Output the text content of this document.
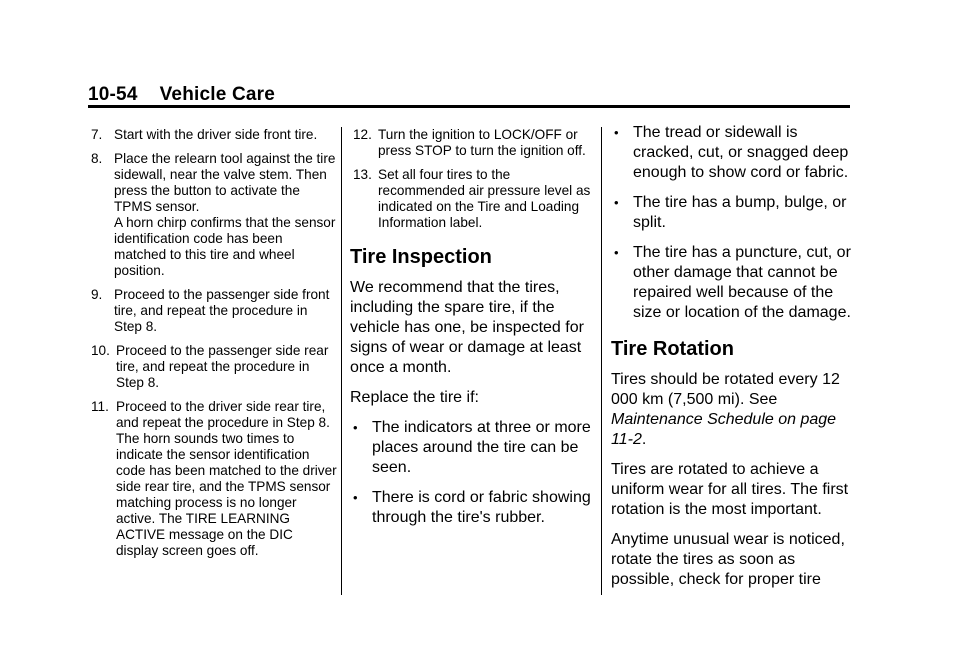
10-54 Vehicle Care
7. Start with the driver side front tire.
8. Place the relearn tool against the tire sidewall, near the valve stem. Then press the button to activate the TPMS sensor.
A horn chirp confirms that the sensor identification code has been matched to this tire and wheel position.
9. Proceed to the passenger side front tire, and repeat the procedure in Step 8.
10. Proceed to the passenger side rear tire, and repeat the procedure in Step 8.
11. Proceed to the driver side rear tire, and repeat the procedure in Step 8. The horn sounds two times to indicate the sensor identification code has been matched to the driver side rear tire, and the TPMS sensor matching process is no longer active. The TIRE LEARNING ACTIVE message on the DIC display screen goes off.
12. Turn the ignition to LOCK/OFF or press STOP to turn the ignition off.
13. Set all four tires to the recommended air pressure level as indicated on the Tire and Loading Information label.
Tire Inspection
We recommend that the tires, including the spare tire, if the vehicle has one, be inspected for signs of wear or damage at least once a month.
Replace the tire if:
• The indicators at three or more places around the tire can be seen.
• There is cord or fabric showing through the tire's rubber.
• The tread or sidewall is cracked, cut, or snagged deep enough to show cord or fabric.
• The tire has a bump, bulge, or split.
• The tire has a puncture, cut, or other damage that cannot be repaired well because of the size or location of the damage.
Tire Rotation
Tires should be rotated every 12 000 km (7,500 mi). See Maintenance Schedule on page 11-2.
Tires are rotated to achieve a uniform wear for all tires. The first rotation is the most important.
Anytime unusual wear is noticed, rotate the tires as soon as possible, check for proper tire
